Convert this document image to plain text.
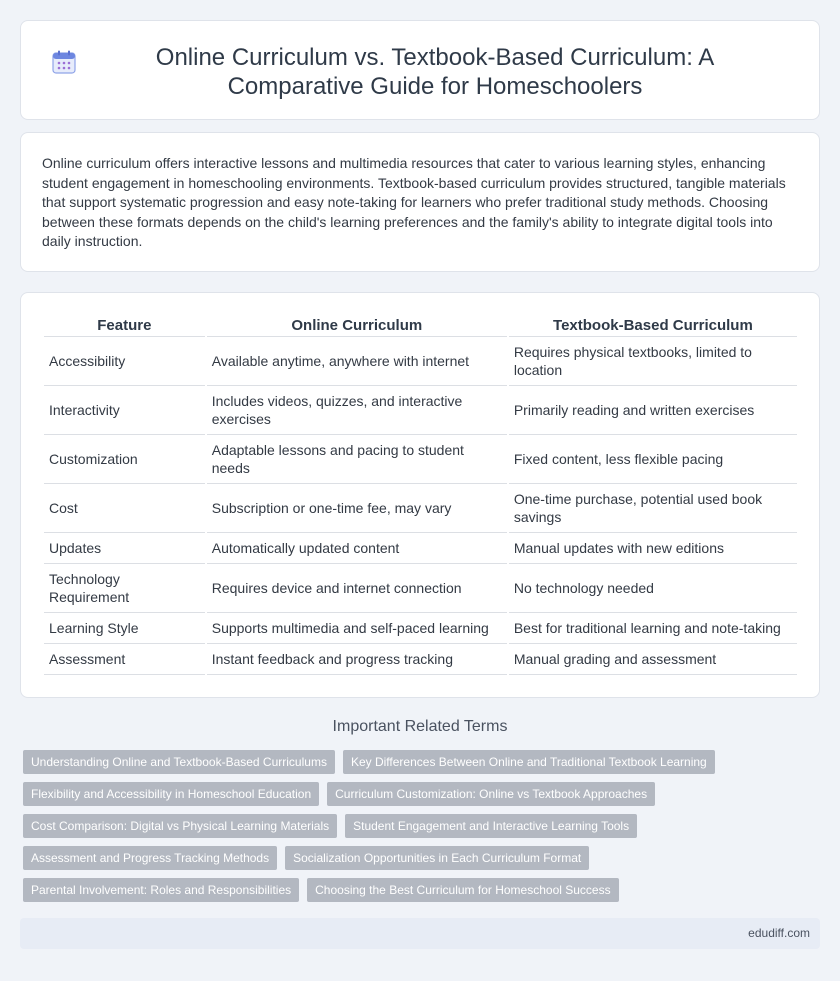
Online Curriculum vs. Textbook-Based Curriculum: A Comparative Guide for Homeschoolers

Online curriculum offers interactive lessons and multimedia resources that cater to various learning styles, enhancing student engagement in homeschooling environments. Textbook-based curriculum provides structured, tangible materials that support systematic progression and easy note-taking for learners who prefer traditional study methods. Choosing between these formats depends on the child's learning preferences and the family's ability to integrate digital tools into daily instruction.

Feature	Online Curriculum	Textbook-Based Curriculum
Accessibility	Available anytime, anywhere with internet	Requires physical textbooks, limited to location
Interactivity	Includes videos, quizzes, and interactive exercises	Primarily reading and written exercises
Customization	Adaptable lessons and pacing to student needs	Fixed content, less flexible pacing
Cost	Subscription or one-time fee, may vary	One-time purchase, potential used book savings
Updates	Automatically updated content	Manual updates with new editions
Technology Requirement	Requires device and internet connection	No technology needed
Learning Style	Supports multimedia and self-paced learning	Best for traditional learning and note-taking
Assessment	Instant feedback and progress tracking	Manual grading and assessment
Important Related Terms
Understanding Online and Textbook-Based Curriculums	Key Differences Between Online and Traditional Textbook Learning
Flexibility and Accessibility in Homeschool Education	Curriculum Customization: Online vs Textbook Approaches
Cost Comparison: Digital vs Physical Learning Materials	Student Engagement and Interactive Learning Tools
Assessment and Progress Tracking Methods	Socialization Opportunities in Each Curriculum Format
Parental Involvement: Roles and Responsibilities	Choosing the Best Curriculum for Homeschool Success
edudiff.com
